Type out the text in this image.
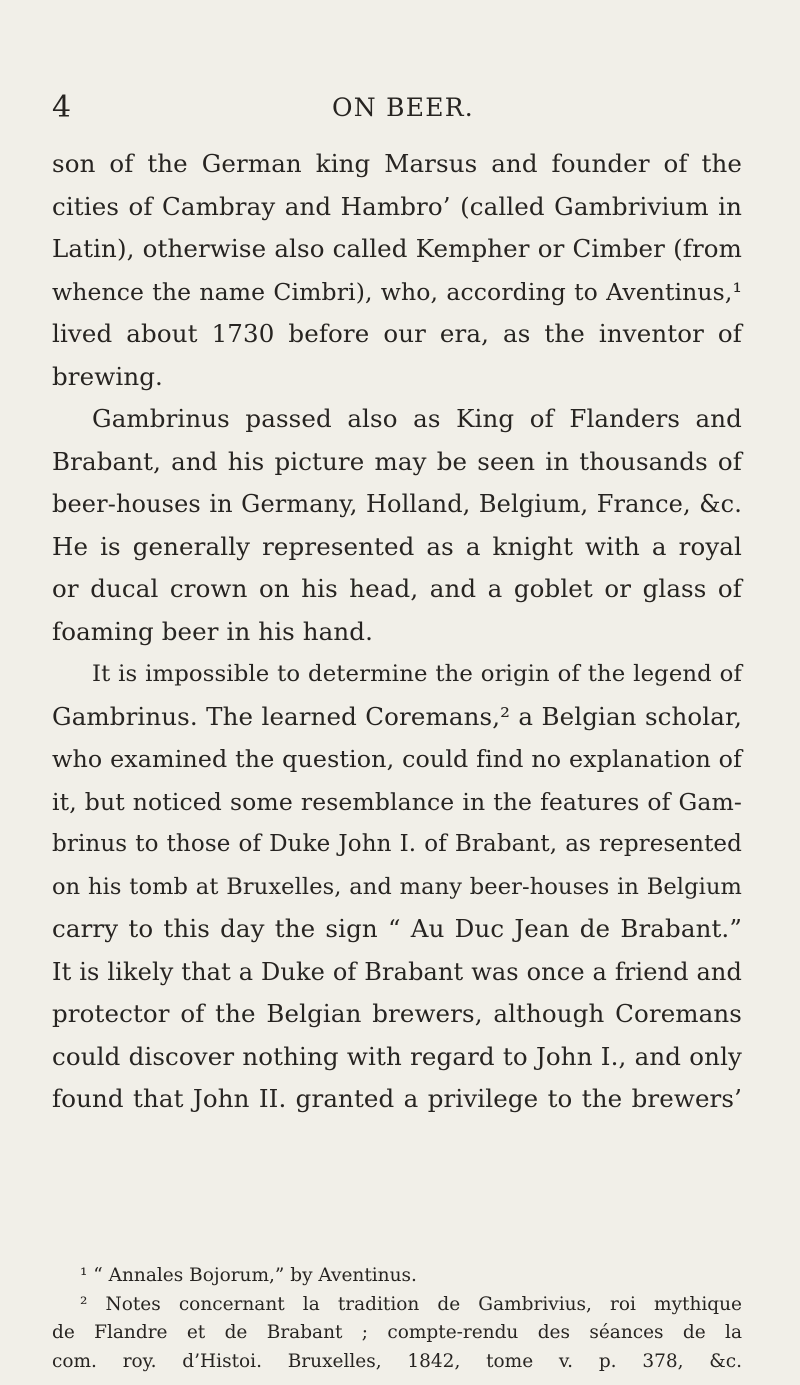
4	ON BEER.
son of the German king Marsus and founder of the
cities of Cambray and Hambro’ (called Gambrivium in
Latin), otherwise also called Kempher or Cimber (from
whence the name Cimbri), who, according to Aventinus,¹
lived about 1730 before our era, as the inventor of
brewing.
Gambrinus passed also as King of Flanders and
Brabant, and his picture may be seen in thousands of
beer-houses in Germany, Holland, Belgium, France, &c.
He is generally represented as a knight with a royal
or ducal crown on his head, and a goblet or glass of
foaming beer in his hand.
It is impossible to determine the origin of the legend of
Gambrinus. The learned Coremans,² a Belgian scholar,
who examined the question, could find no explanation of
it, but noticed some resemblance in the features of Gam-
brinus to those of Duke John I. of Brabant, as represented
on his tomb at Bruxelles, and many beer-houses in Belgium
carry to this day the sign “ Au Duc Jean de Brabant.”
It is likely that a Duke of Brabant was once a friend and
protector of the Belgian brewers, although Coremans
could discover nothing with regard to John I., and only
found that John II. granted a privilege to the brewers’
¹ “ Annales Bojorum,” by Aventinus.
² Notes concernant la tradition de Gambrivius, roi mythique
de Flandre et de Brabant ; compte-rendu des séances de la
com. roy. d’Histoi. Bruxelles, 1842, tome v. p. 378, &c.
